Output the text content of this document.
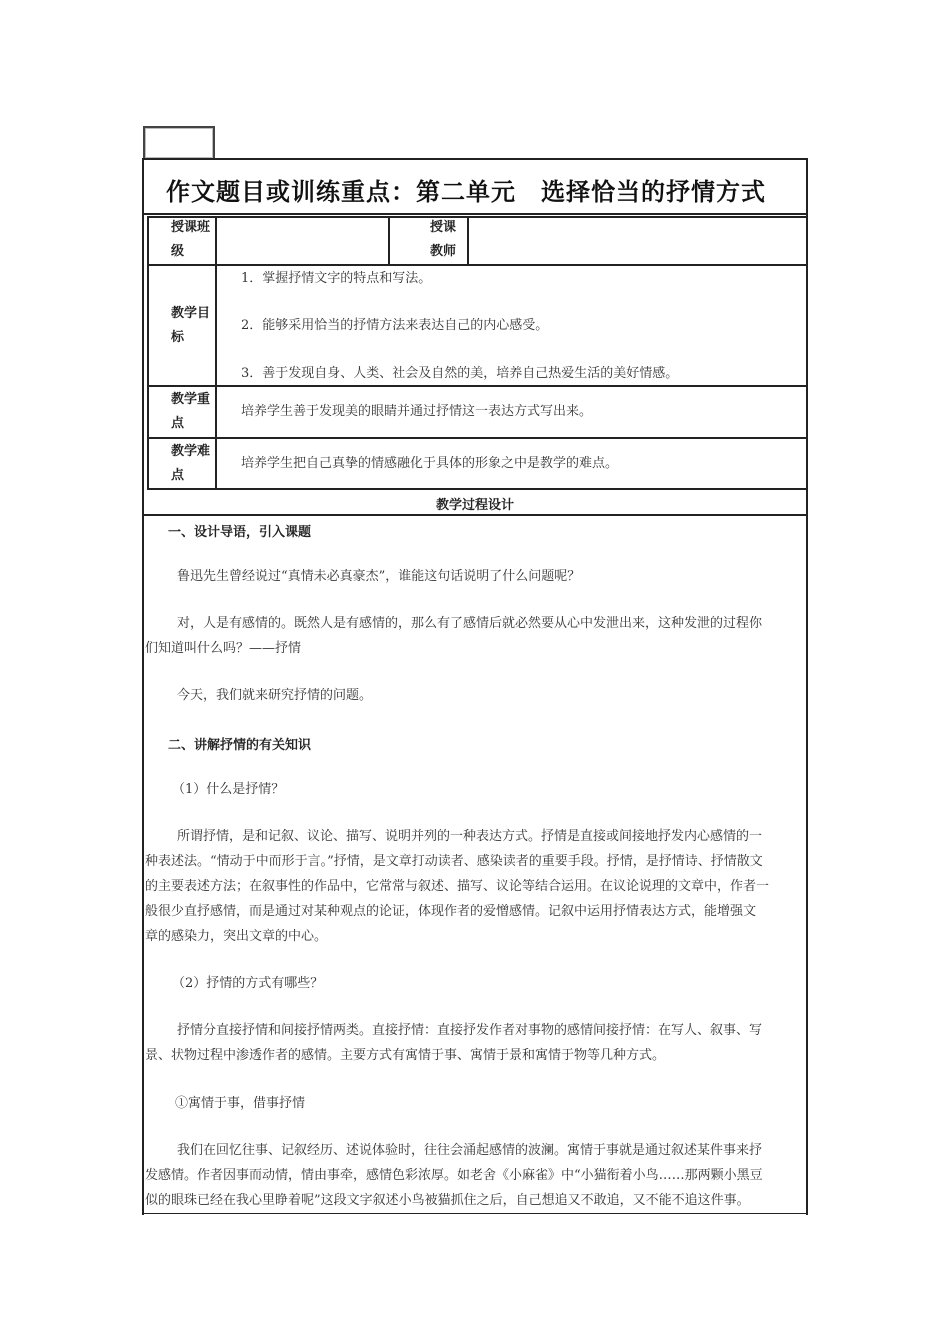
作文题目或训练重点：第二单元　选择恰当的抒情方式
授课班
级
授课
教师
教学目
标
1．掌握抒情文字的特点和写法。
2．能够采用恰当的抒情方法来表达自己的内心感受。
3．善于发现自身、人类、社会及自然的美，培养自己热爱生活的美好情感。
教学重
点
培养学生善于发现美的眼睛并通过抒情这一表达方式写出来。
教学难
点
培养学生把自己真挚的情感融化于具体的形象之中是教学的难点。
教学过程设计
一、设计导语，引入课题
鲁迅先生曾经说过“真情未必真豪杰”，谁能这句话说明了什么问题呢？
对，人是有感情的。既然人是有感情的，那么有了感情后就必然要从心中发泄出来，这种发泄的过程你
们知道叫什么吗？——抒情
今天，我们就来研究抒情的问题。
二、讲解抒情的有关知识
（1）什么是抒情？
所谓抒情，是和记叙、议论、描写、说明并列的一种表达方式。抒情是直接或间接地抒发内心感情的一
种表述法。“情动于中而形于言。”抒情，是文章打动读者、感染读者的重要手段。抒情，是抒情诗、抒情散文
的主要表述方法；在叙事性的作品中，它常常与叙述、描写、议论等结合运用。在议论说理的文章中，作者一
般很少直抒感情，而是通过对某种观点的论证，体现作者的爱憎感情。记叙中运用抒情表达方式，能增强文
章的感染力，突出文章的中心。
（2）抒情的方式有哪些？
抒情分直接抒情和间接抒情两类。直接抒情：直接抒发作者对事物的感情间接抒情：在写人、叙事、写
景、状物过程中渗透作者的感情。主要方式有寓情于事、寓情于景和寓情于物等几种方式。
①寓情于事，借事抒情
我们在回忆往事、记叙经历、述说体验时，往往会涌起感情的波澜。寓情于事就是通过叙述某件事来抒
发感情。作者因事而动情，情由事牵，感情色彩浓厚。如老舍《小麻雀》中“小猫衔着小鸟……那两颗小黑豆
似的眼珠已经在我心里睁着呢”这段文字叙述小鸟被猫抓住之后，自己想追又不敢追，又不能不追这件事。
